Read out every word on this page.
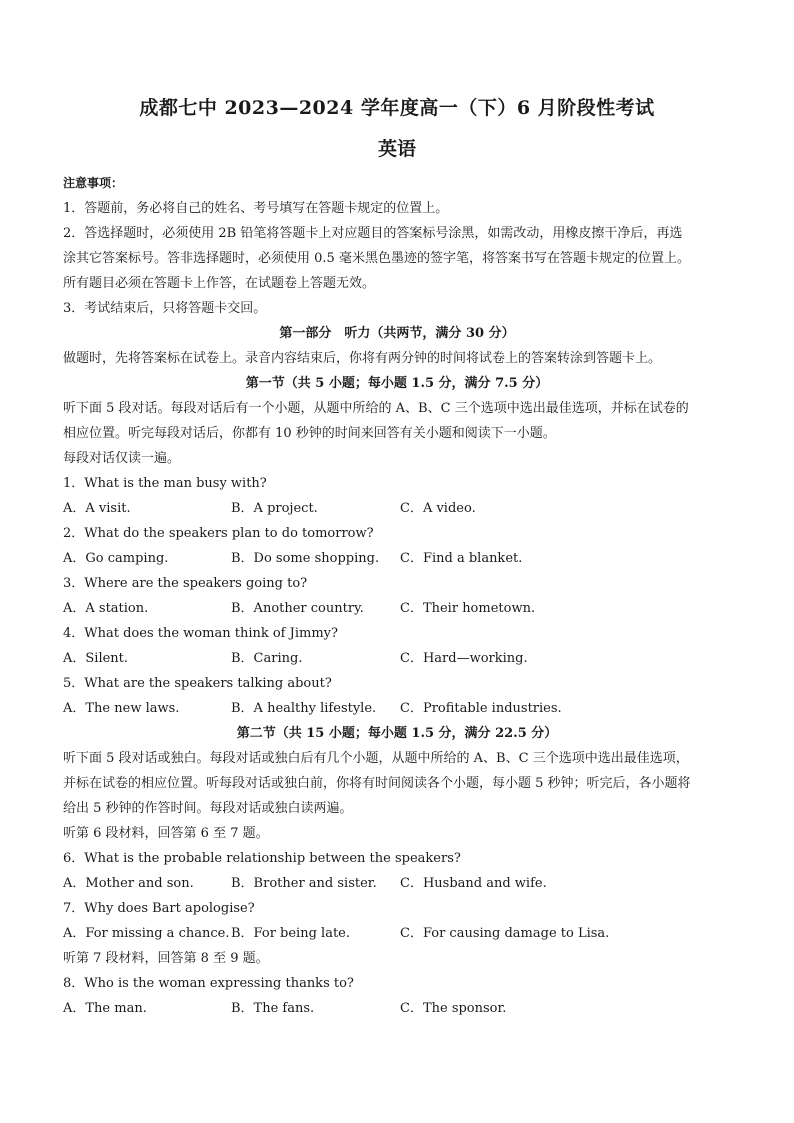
成都七中 2023—2024 学年度高一（下）6 月阶段性考试
英语
注意事项：
1．答题前，务必将自己的姓名、考号填写在答题卡规定的位置上。
2．答选择题时，必须使用 2B 铅笔将答题卡上对应题目的答案标号涂黑，如需改动，用橡皮擦干净后，再选
涂其它答案标号。答非选择题时，必须使用 0.5 毫米黑色墨迹的签字笔，将答案书写在答题卡规定的位置上。
所有题目必须在答题卡上作答，在试题卷上答题无效。
3．考试结束后，只将答题卡交回。
第一部分　听力（共两节，满分 30 分）
做题时，先将答案标在试卷上。录音内容结束后，你将有两分钟的时间将试卷上的答案转涂到答题卡上。
第一节（共 5 小题；每小题 1.5 分，满分 7.5 分）
听下面 5 段对话。每段对话后有一个小题，从题中所给的 A、B、C 三个选项中选出最佳选项，并标在试卷的
相应位置。听完每段对话后，你都有 10 秒钟的时间来回答有关小题和阅读下一小题。
每段对话仅读一遍。
1．What is the man busy with?
A．A visit.	B．A project.	C．A video.
2．What do the speakers plan to do tomorrow?
A．Go camping.	B．Do some shopping.	C．Find a blanket.
3．Where are the speakers going to?
A．A station.	B．Another country.	C．Their hometown.
4．What does the woman think of Jimmy?
A．Silent.	B．Caring.	C．Hard—working.
5．What are the speakers talking about?
A．The new laws.	B．A healthy lifestyle.	C．Profitable industries.
第二节（共 15 小题；每小题 1.5 分，满分 22.5 分）
听下面 5 段对话或独白。每段对话或独白后有几个小题，从题中所给的 A、B、C 三个选项中选出最佳选项，
并标在试卷的相应位置。听每段对话或独白前，你将有时间阅读各个小题，每小题 5 秒钟；听完后，各小题将
给出 5 秒钟的作答时间。每段对话或独白读两遍。
听第 6 段材料，回答第 6 至 7 题。
6．What is the probable relationship between the speakers?
A．Mother and son.	B．Brother and sister.	C．Husband and wife.
7．Why does Bart apologise?
A．For missing a chance. B．For being late.	C．For causing damage to Lisa.
听第 7 段材料，回答第 8 至 9 题。
8．Who is the woman expressing thanks to?
A．The man.	B．The fans.	C．The sponsor.
